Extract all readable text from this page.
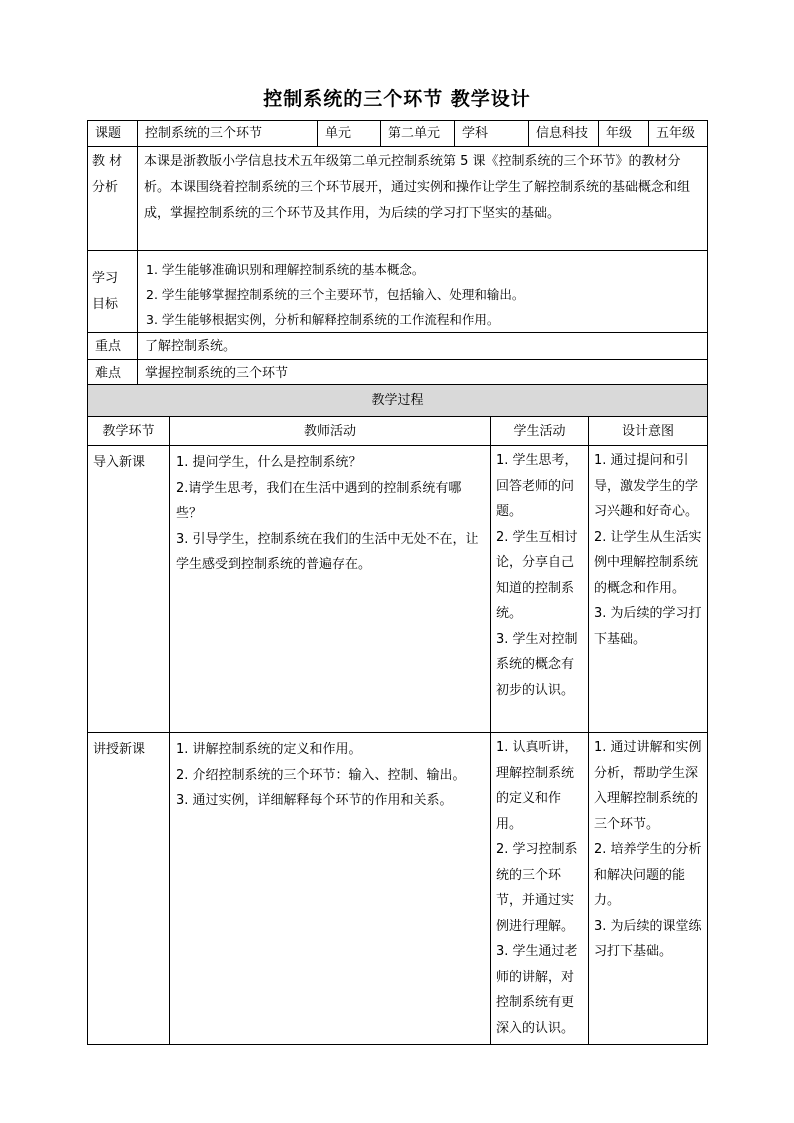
控制系统的三个环节 教学设计
课题	控制系统的三个环节	单元	第二单元	学科	信息科技	年级	五年级

教 材
分析	本课是浙教版小学信息技术五年级第二单元控制系统第 5 课《控制系统的三个环节》的教材分析。本课围绕着控制系统的三个环节展开，通过实例和操作让学生了解控制系统的基础概念和组成，掌握控制系统的三个环节及其作用，为后续的学习打下坚实的基础。						

学习
目标	1. 学生能够准确识别和理解控制系统的基本概念。
2. 学生能够掌握控制系统的三个主要环节，包括输入、处理和输出。
3. 学生能够根据实例，分析和解释控制系统的工作流程和作用。						

重点	了解控制系统。						
难点	掌握控制系统的三个环节						
教学过程			
教学环节	教师活动	学生活动	设计意图
导入新课	1. 提问学生，什么是控制系统？
2.请学生思考，我们在生活中遇到的控制系统有哪些？
3. 引导学生，控制系统在我们的生活中无处不在，让学生感受到控制系统的普遍存在。	1. 学生思考，回答老师的问题。
2. 学生互相讨论，分享自己知道的控制系统。
3. 学生对控制系统的概念有初步的认识。	1. 通过提问和引导，激发学生的学习兴趣和好奇心。
2. 让学生从生活实例中理解控制系统的概念和作用。
3. 为后续的学习打下基础。

讲授新课	1. 讲解控制系统的定义和作用。
2. 介绍控制系统的三个环节：输入、控制、输出。
3. 通过实例，详细解释每个环节的作用和关系。	1. 认真听讲，理解控制系统的定义和作用。
2. 学习控制系统的三个环节，并通过实例进行理解。
3. 学生通过老师的讲解，对控制系统有更深入的认识。	1. 通过讲解和实例分析，帮助学生深入理解控制系统的三个环节。
2. 培养学生的分析和解决问题的能力。
3. 为后续的课堂练习打下基础。
